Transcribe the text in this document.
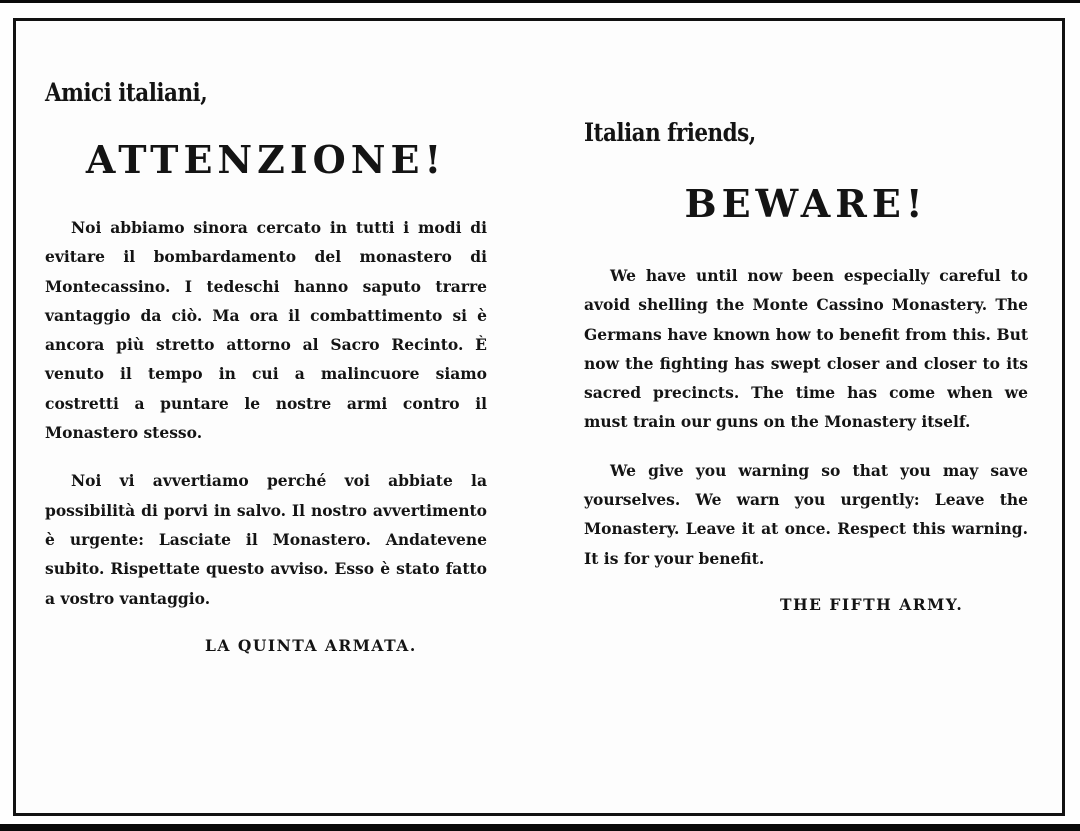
Amici italiani,

ATTENZIONE!

Noi abbiamo sinora cercato in tutti i modi di evitare il bombardamento del monastero di Montecassino. I tedeschi hanno saputo trarre vantaggio da ciò. Ma ora il combattimento si è ancora più stretto attorno al Sacro Recinto. È venuto il tempo in cui a malincuore siamo costretti a puntare le nostre armi contro il Monastero stesso.

Noi vi avvertiamo perché voi abbiate la possibilità di porvi in salvo. Il nostro avvertimento è urgente: Lasciate il Monastero. Andatevene subito. Rispettate questo avviso. Esso è stato fatto a vostro vantaggio.

LA QUINTA ARMATA.

Italian friends,

BEWARE!

We have until now been especially careful to avoid shelling the Monte Cassino Monastery. The Germans have known how to benefit from this. But now the fighting has swept closer and closer to its sacred precincts. The time has come when we must train our guns on the Monastery itself.

We give you warning so that you may save yourselves. We warn you urgently: Leave the Monastery. Leave it at once. Respect this warning. It is for your benefit.

THE FIFTH ARMY.
